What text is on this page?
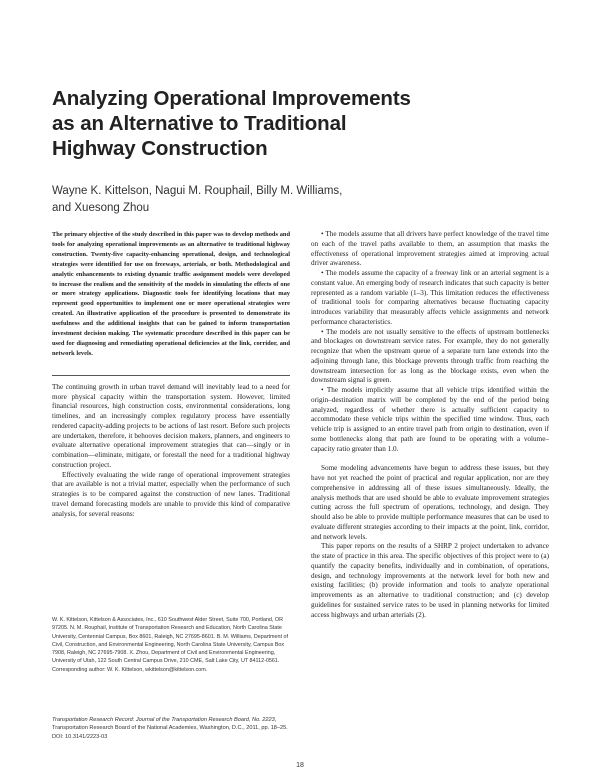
Analyzing Operational Improvements
as an Alternative to Traditional
Highway Construction
Wayne K. Kittelson, Nagui M. Rouphail, Billy M. Williams,
and Xuesong Zhou

The primary objective of the study described in this paper was to develop methods and tools for analyzing operational improvements as an alternative to traditional highway construction. Twenty-five capacity-enhancing operational, design, and technological strategies were identified for use on freeways, arterials, or both. Methodological and analytic enhancements to existing dynamic traffic assignment models were developed to increase the realism and the sensitivity of the models in simulating the effects of one or more strategy applications. Diagnostic tools for identifying locations that may represent good opportunities to implement one or more operational strategies were created. An illustrative application of the procedure is presented to demonstrate its usefulness and the additional insights that can be gained to inform transportation investment decision making. The systematic procedure described in this paper can be used for diagnosing and remediating operational deficiencies at the link, corridor, and network levels.

The continuing growth in urban travel demand will inevitably lead to a need for more physical capacity within the transportation system. However, limited financial resources, high construction costs, environmental considerations, long timelines, and an increasingly complex regulatory process have essentially rendered capacity-adding projects to be actions of last resort. Before such projects are undertaken, therefore, it behooves decision makers, planners, and engineers to evaluate alternative operational improvement strategies that can—singly or in combination—eliminate, mitigate, or forestall the need for a traditional highway construction project.

Effectively evaluating the wide range of operational improvement strategies that are available is not a trivial matter, especially when the performance of such strategies is to be compared against the construction of new lanes. Traditional travel demand forecasting models are unable to provide this kind of comparative analysis, for several reasons:

W. K. Kittelson, Kittelson & Associates, Inc., 610 Southwest Alder Street, Suite 700, Portland, OR 97205. N. M. Rouphail, Institute of Transportation Research and Education, North Carolina State University, Centennial Campus, Box 8601, Raleigh, NC 27695-8601. B. M. Williams, Department of Civil, Construction, and Environmental Engineering, North Carolina State University, Campus Box 7908, Raleigh, NC 27695-7908. X. Zhou, Department of Civil and Environmental Engineering, University of Utah, 122 South Central Campus Drive, 210 CME, Salt Lake City, UT 84112-0561. Corresponding author: W. K. Kittelson, wkittelson@kittelson.com.
Transportation Research Record: Journal of the Transportation Research Board, No. 2223, Transportation Research Board of the National Academies, Washington, D.C., 2011, pp. 18–25.
DOI: 10.3141/2223-03

• The models assume that all drivers have perfect knowledge of the travel time on each of the travel paths available to them, an assumption that masks the effectiveness of operational improvement strategies aimed at improving actual driver awareness.

• The models assume the capacity of a freeway link or an arterial segment is a constant value. An emerging body of research indicates that such capacity is better represented as a random variable (1–3). This limitation reduces the effectiveness of traditional tools for comparing alternatives because fluctuating capacity introduces variability that measurably affects vehicle assignments and network performance characteristics.

• The models are not usually sensitive to the effects of upstream bottlenecks and blockages on downstream service rates. For example, they do not generally recognize that when the upstream queue of a separate turn lane extends into the adjoining through lane, this blockage prevents through traffic from reaching the downstream intersection for as long as the blockage exists, even when the downstream signal is green.

• The models implicitly assume that all vehicle trips identified within the origin–destination matrix will be completed by the end of the period being analyzed, regardless of whether there is actually sufficient capacity to accommodate these vehicle trips within the specified time window. Thus, each vehicle trip is assigned to an entire travel path from origin to destination, even if some bottlenecks along that path are found to be operating with a volume–capacity ratio greater than 1.0.

Some modeling advancements have begun to address these issues, but they have not yet reached the point of practical and regular application, nor are they comprehensive in addressing all of these issues simultaneously. Ideally, the analysis methods that are used should be able to evaluate improvement strategies cutting across the full spectrum of operations, technology, and design. They should also be able to provide multiple performance measures that can be used to evaluate different strategies according to their impacts at the point, link, corridor, and network levels.

This paper reports on the results of a SHRP 2 project undertaken to advance the state of practice in this area. The specific objectives of this project were to (a) quantify the capacity benefits, individually and in combination, of operations, design, and technology improvements at the network level for both new and existing facilities; (b) provide information and tools to analyze operational improvements as an alternative to traditional construction; and (c) develop guidelines for sustained service rates to be used in planning networks for limited access highways and urban arterials (2).

18
